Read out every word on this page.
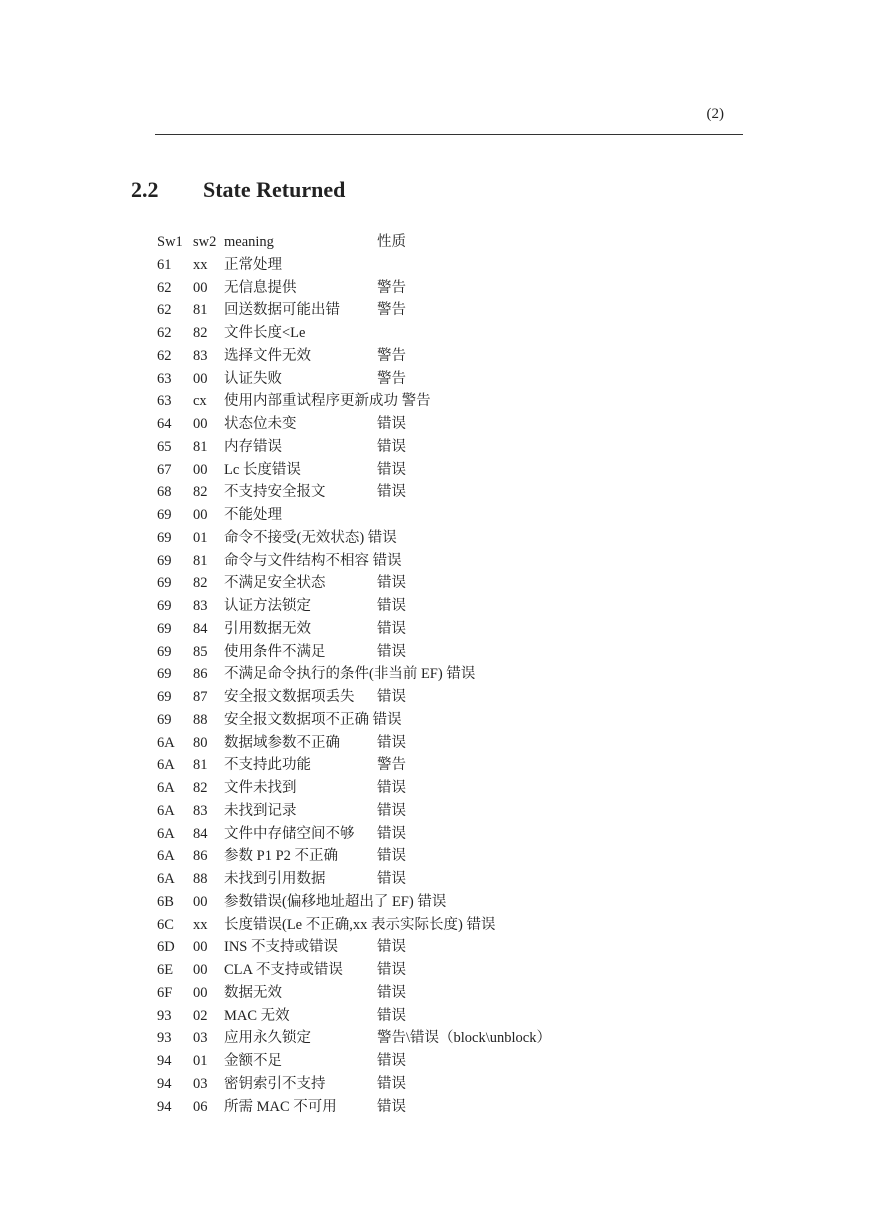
(2)
2.2 State Returned
Sw1 sw2 meaning	性质
61 xx 正常处理
62 00 无信息提供	警告
62 81 回送数据可能出错	警告
62 82 文件长度<Le
62 83 选择文件无效	警告
63 00 认证失败	警告
63 cx 使用内部重试程序更新成功 警告
64 00 状态位未变	错误
65 81 内存错误	错误
67 00 Lc 长度错误	错误
68 82 不支持安全报文	错误
69 00 不能处理
69 01 命令不接受(无效状态) 错误
69 81 命令与文件结构不相容 错误
69 82 不满足安全状态	错误
69 83 认证方法锁定	错误
69 84 引用数据无效	错误
69 85 使用条件不满足	错误
69 86 不满足命令执行的条件(非当前 EF) 错误
69 87 安全报文数据项丢失 错误
69 88 安全报文数据项不正确 错误
6A 80 数据域参数不正确	错误
6A 81 不支持此功能	警告
6A 82 文件未找到	错误
6A 83 未找到记录	错误
6A 84 文件中存储空间不够 错误
6A 86 参数 P1 P2 不正确	错误
6A 88 未找到引用数据	错误
6B 00 参数错误(偏移地址超出了 EF) 错误
6C xx 长度错误(Le 不正确,xx 表示实际长度) 错误
6D 00 INS 不支持或错误	错误
6E 00 CLA 不支持或错误 错误
6F 00 数据无效	错误
93 02 MAC 无效	错误
93 03 应用永久锁定	警告\错误（block\unblock）
94 01 金额不足	错误
94 03 密钥索引不支持	错误
94 06 所需 MAC 不可用	错误
